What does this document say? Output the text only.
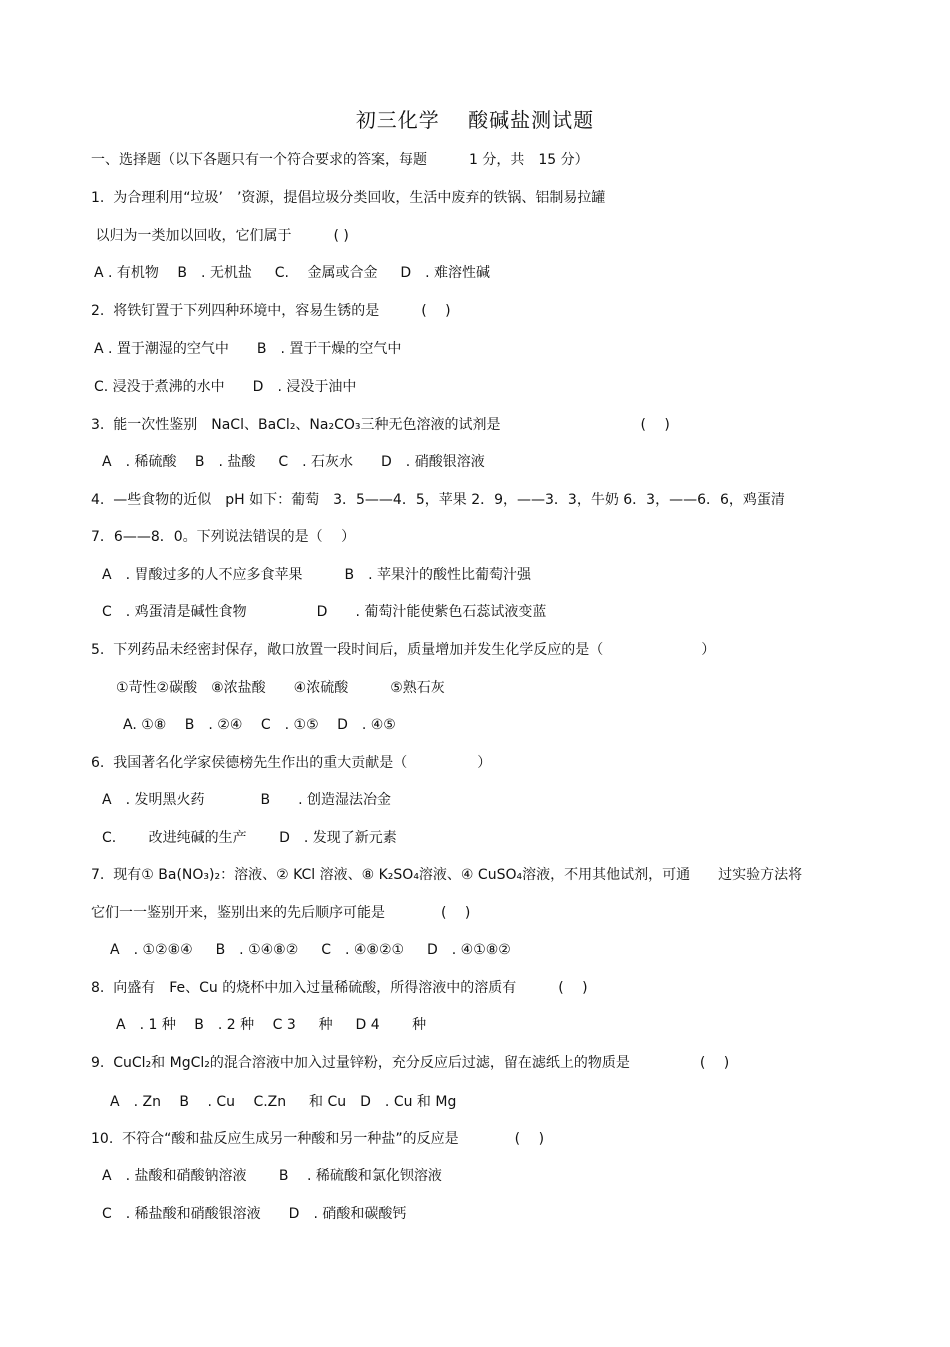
初三化学　 酸碱盐测试题
一、选择题（以下各题只有一个符合要求的答案，每题　　　1 分，共　15 分）
1.  为合理利用“垃圾’　’资源，提倡垃圾分类回收，生活中废弃的铁锅、铝制易拉罐
以归为一类加以回收，它们属于　　　( )
A . 有机物　 B　. 无机盐　  C.　 金属或合金　  D　. 难溶性碱
2.  将铁钉置于下列四种环境中，容易生锈的是　　　(　 )
A . 置于潮湿的空气中　　B　. 置于干燥的空气中
C. 浸没于煮沸的水中　　D　. 浸没于油中
3.  能一次性鉴别　NaCl、BaCl₂、Na₂CO₃三种无色溶液的试剂是　　　　　　　　　　(　 )
A　. 稀硫酸　 B　. 盐酸　  C　. 石灰水　　D　. 硝酸银溶液
4.  —些食物的近似　pH 如下：葡萄　3．5——4．5，苹果 2．9，——3．3，牛奶 6．3，——6．6，鸡蛋清
7．6——8．0。下列说法错误的是（　 ）
A　. 胃酸过多的人不应多食苹果　　　B　. 苹果汁的酸性比葡萄汁强
C　. 鸡蛋清是碱性食物　　　　　D　　. 葡萄汁能使紫色石蕊试液变蓝
5.  下列药品未经密封保存，敞口放置一段时间后，质量增加并发生化学反应的是（　　　　　　　）
①苛性②碳酸　⑧浓盐酸　　④浓硫酸　　　⑤熟石灰
A. ①⑧　 B　. ②④　 C　. ①⑤　 D　. ④⑤
6.  我国著名化学家侯德榜先生作出的重大贡献是（　　　　　）
A　. 发明黑火药　　　　B　　. 创造湿法冶金
C.　　 改进纯碱的生产　　 D　. 发现了新元素
7.  现有① Ba(NO₃)₂：溶液、② KCl 溶液、⑧ K₂SO₄溶液、④ CuSO₄溶液，不用其他试剂，可通　　过实验方法将
它们一一鉴别开来，鉴别出来的先后顺序可能是　　　　(　 )
A　. ①②⑧④　  B　. ①④⑧②　  C　. ④⑧②①　  D　. ④①⑧②
8.  向盛有　Fe、Cu 的烧杯中加入过量稀硫酸，所得溶液中的溶质有　　　(　 )
A　. 1 种　 B　. 2 种　 C 3　  种　  D 4　　 种
9.  CuCl₂和 MgCl₂的混合溶液中加入过量锌粉，充分反应后过滤，留在滤纸上的物质是　　　　　(　 )
A　. Zn　 B　 . Cu　 C.Zn　  和 Cu　D　. Cu 和 Mg
10.  不符合“酸和盐反应生成另一种酸和另一种盐”的反应是　　　　(　 )
A　. 盐酸和硝酸钠溶液　　 B　 . 稀硫酸和氯化钡溶液
C　. 稀盐酸和硝酸银溶液　　D　. 硝酸和碳酸钙
